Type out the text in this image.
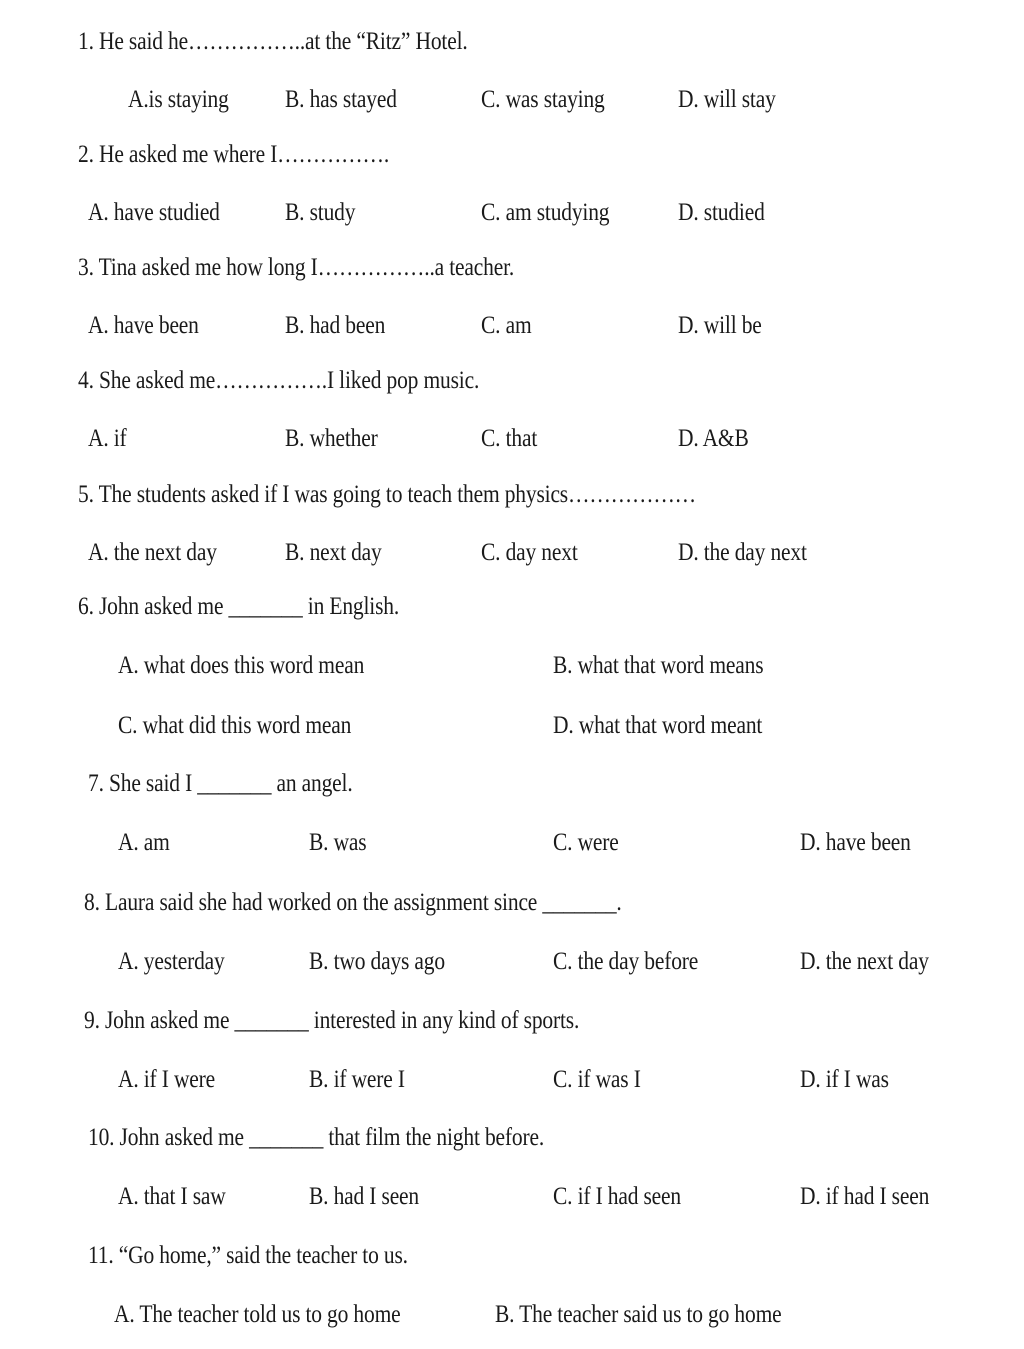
1. He said he……………..at the “Ritz” Hotel.
A.is staying B. has stayed	C. was staying	D. will stay
2. He asked me where I…………….
A. have studied	B. study	C. am studying	D. studied
3. Tina asked me how long I……………..a teacher.
A. have been	B. had been	C. am	D. will be
4. She asked me…………….I liked pop music.
A. if	B. whether	C. that	D. A&B
5. The students asked if I was going to teach them physics………………
A. the next day	B. next day	C. day next	D. the day next
6. John asked me _______ in English.
A. what does this word mean	B. what that word means
C. what did this word mean	D. what that word meant
7. She said I _______ an angel.
A. am	B. was	C. were	D. have been
8. Laura said she had worked on the assignment since _______.
A. yesterday	B. two days ago	C. the day before	D. the next day
9. John asked me _______ interested in any kind of sports.
A. if I were	B. if were I	C. if was I	D. if I was
10. John asked me _______ that film the night before.
A. that I saw	B. had I seen	C. if I had seen	D. if had I seen
11. “Go home,” said the teacher to us.
A. The teacher told us to go home	B. The teacher said us to go home
